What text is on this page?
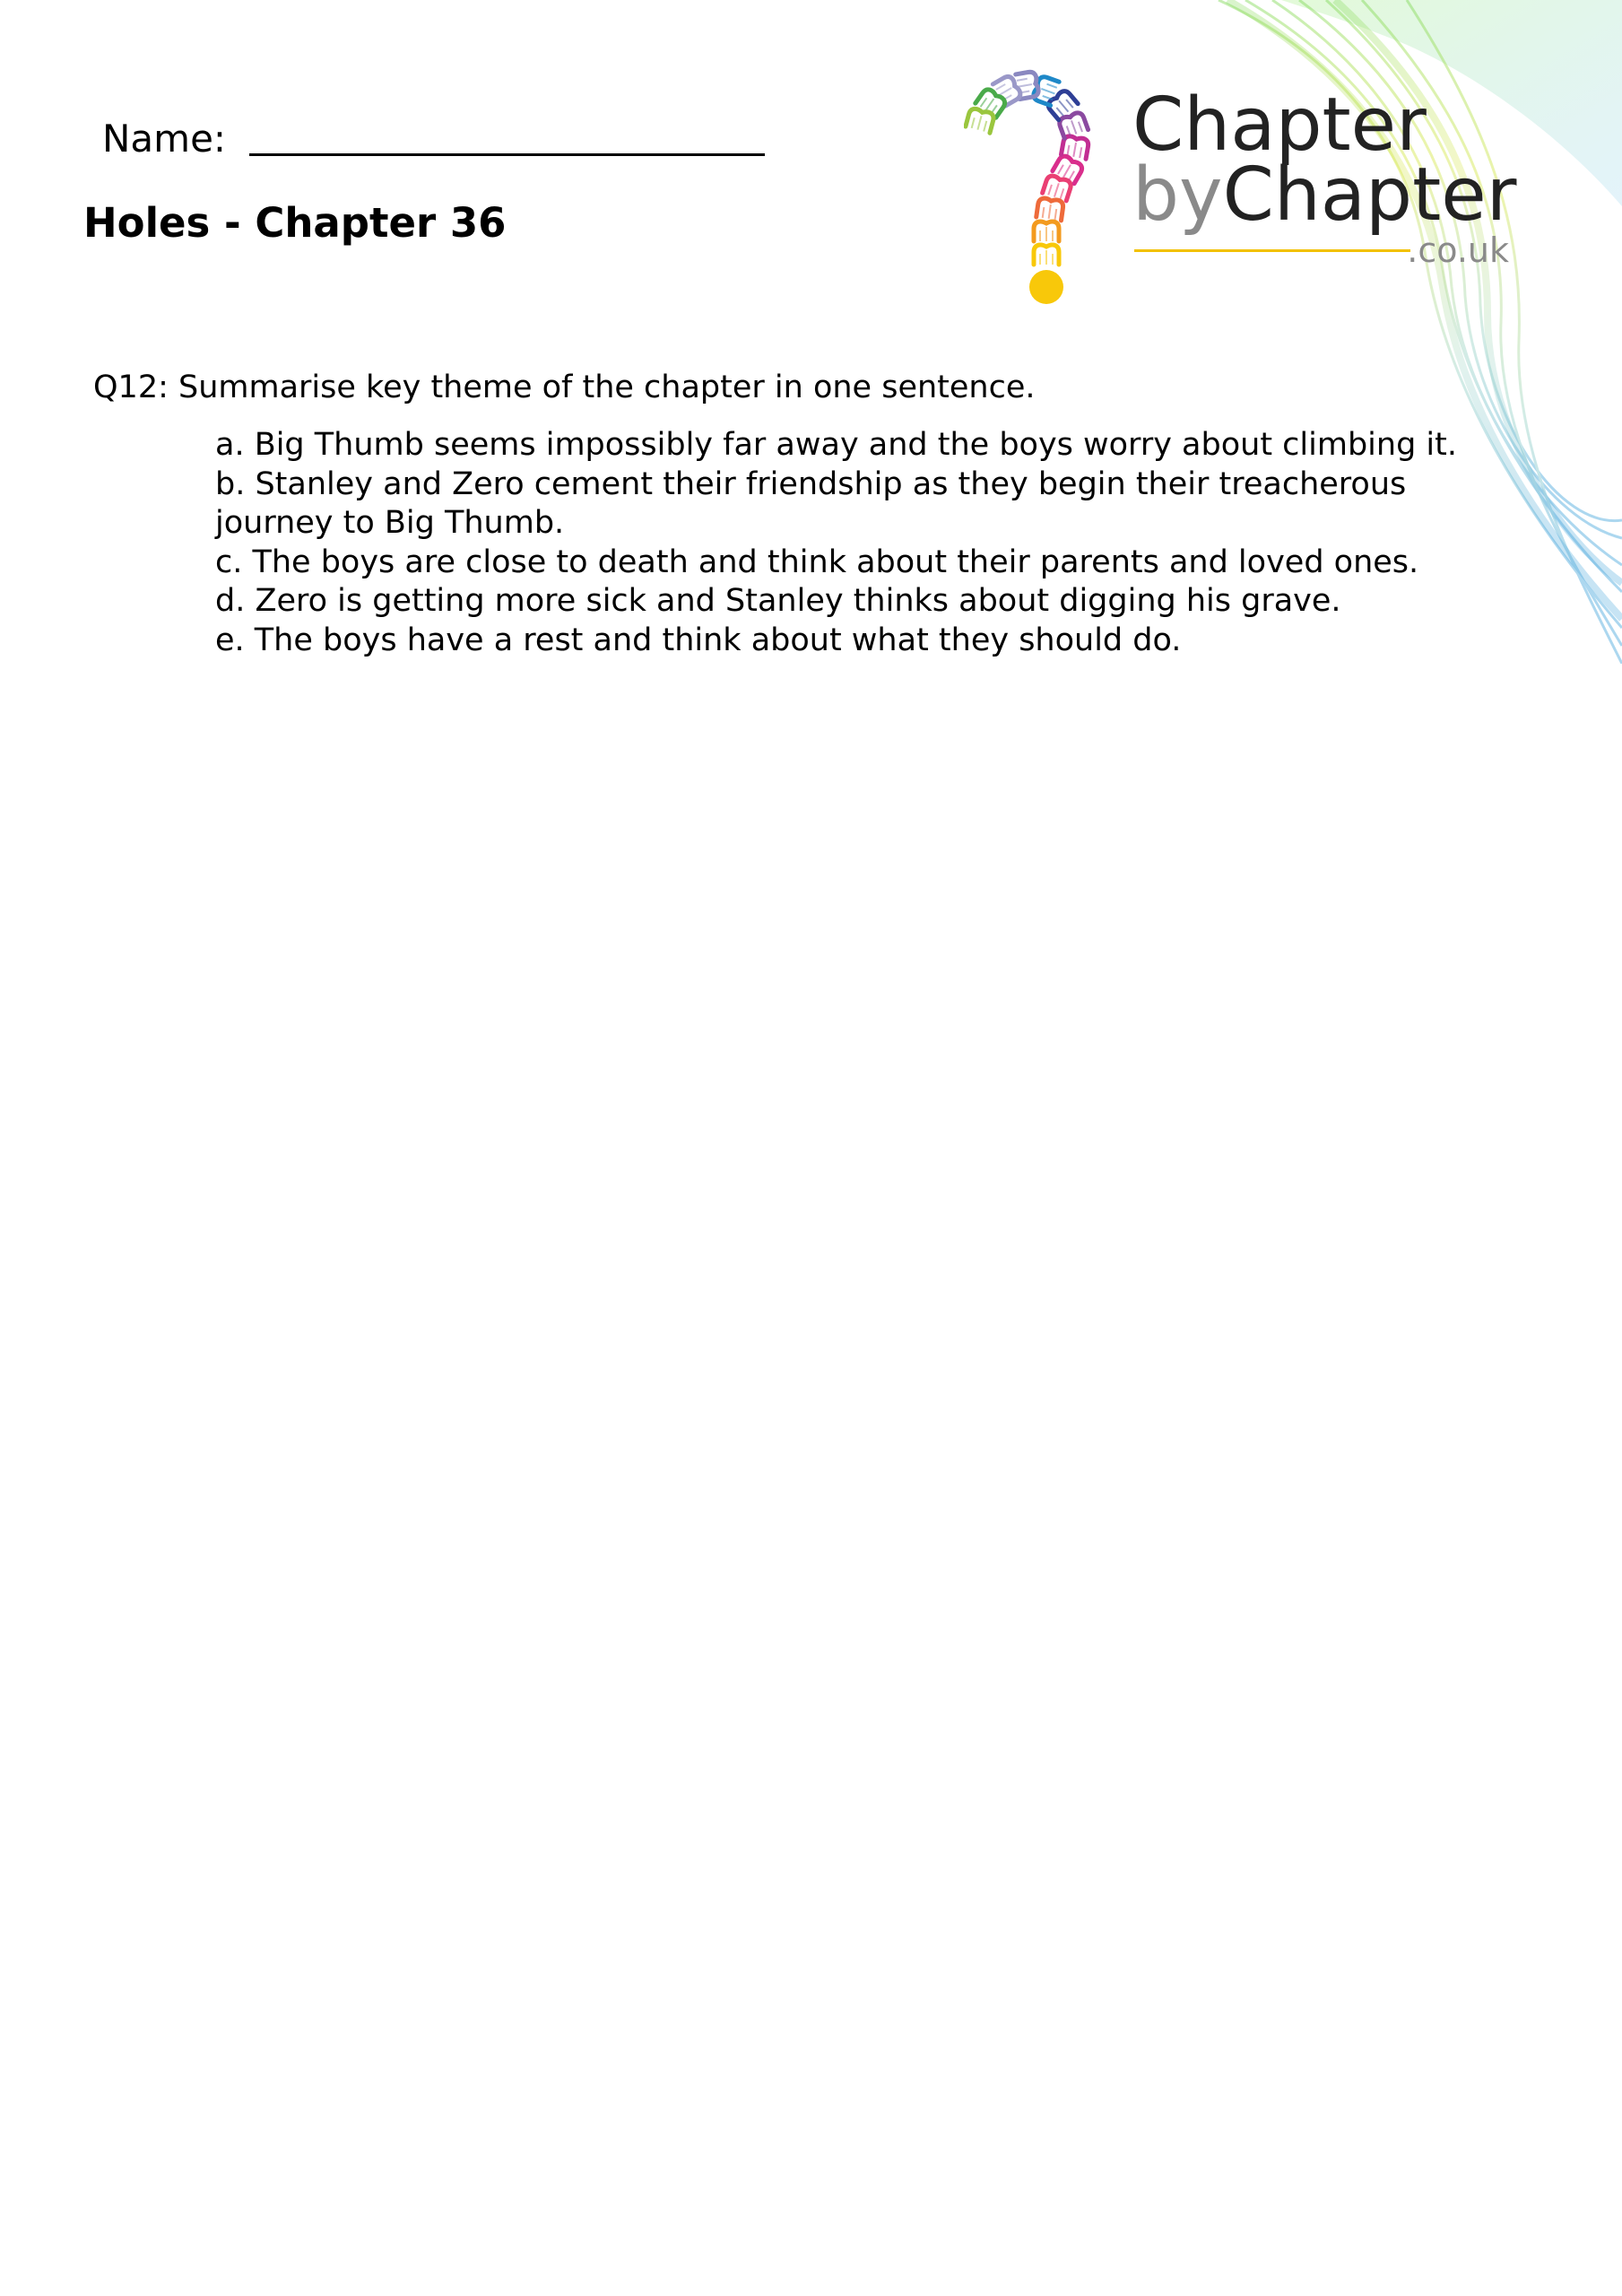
Chapter
byChapter
.co.uk
Name:
Holes - Chapter 36

Q12: Summarise key theme of the chapter in one sentence.

a. Big Thumb seems impossibly far away and the boys worry about climbing it.
b. Stanley and Zero cement their friendship as they begin their treacherous journey to Big Thumb.
c. The boys are close to death and think about their parents and loved ones.
d. Zero is getting more sick and Stanley thinks about digging his grave.
e. The boys have a rest and think about what they should do.
